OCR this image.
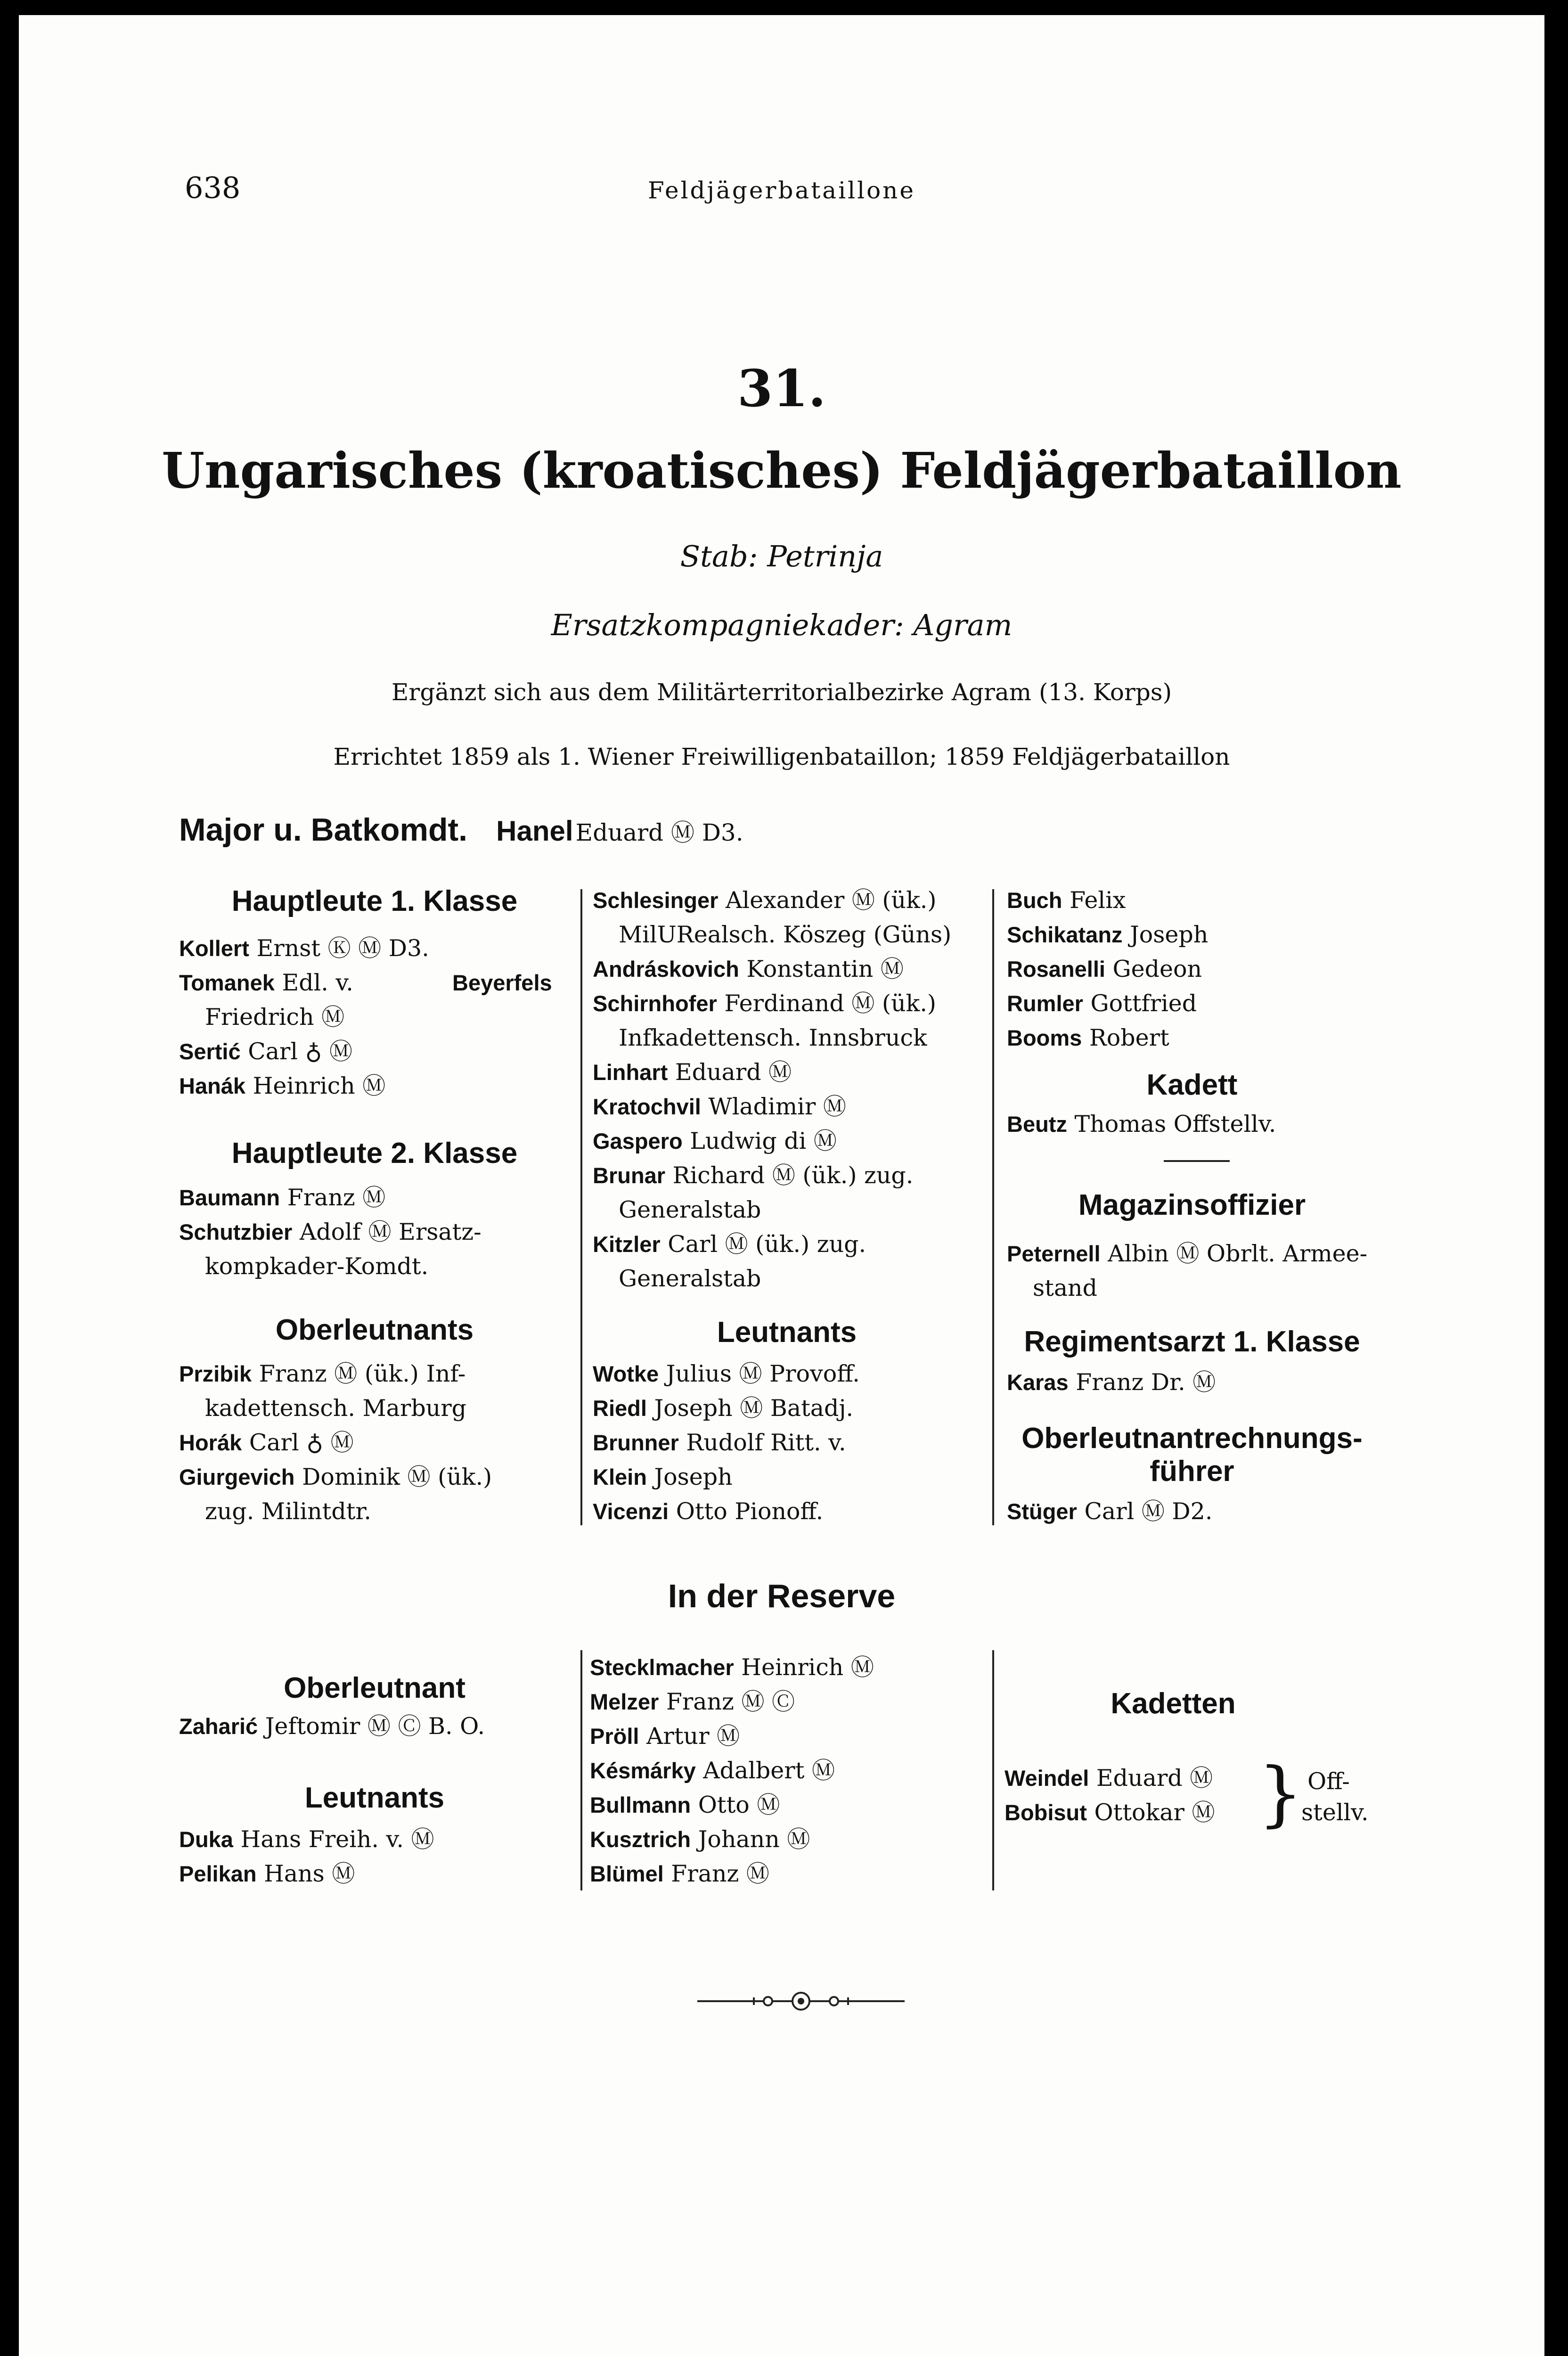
638	Feldjägerbataillone
31.
Ungarisches (kroatisches) Feldjägerbataillon
Stab: Petrinja
Ersatzkompagniekader: Agram
Ergänzt sich aus dem Militärterritorialbezirke Agram (13. Korps)
Errichtet 1859 als 1. Wiener Freiwilligenbataillon; 1859 Feldjägerbataillon
Major u. Batkomdt. Hanel Eduard Ⓜ D3.
Hauptleute 1. Klasse
Kollert Ernst Ⓚ Ⓜ D3.
Tomanek Edl. v.	Beyerfels
Friedrich Ⓜ
Sertić Carl ♁ Ⓜ
Hanák Heinrich Ⓜ
Hauptleute 2. Klasse
Baumann Franz Ⓜ
Schutzbier Adolf Ⓜ Ersatz-
kompkader-Komdt.
Oberleutnants
Przibik Franz Ⓜ (ük.) Inf-
kadettensch. Marburg
Horák Carl ♁ Ⓜ
Giurgevich Dominik Ⓜ (ük.)
zug. Milintdtr.
Schlesinger Alexander Ⓜ (ük.)
MilURealsch. Köszeg (Güns)
Andráskovich Konstantin Ⓜ
Schirnhofer Ferdinand Ⓜ (ük.)
Infkadettensch. Innsbruck
Linhart Eduard Ⓜ
Kratochvil Wladimir Ⓜ
Gaspero Ludwig di Ⓜ
Brunar Richard Ⓜ (ük.) zug.
Generalstab
Kitzler Carl Ⓜ (ük.) zug.
Generalstab
Leutnants
Wotke Julius Ⓜ Provoff.
Riedl Joseph Ⓜ Batadj.
Brunner Rudolf Ritt. v.
Klein Joseph
Vicenzi Otto Pionoff.
Buch Felix
Schikatanz Joseph
Rosanelli Gedeon
Rumler Gottfried
Booms Robert
Kadett
Beutz Thomas Offstellv.
Magazinsoffizier
Peternell Albin Ⓜ Obrlt. Armee-
stand
Regimentsarzt 1. Klasse
Karas Franz Dr. Ⓜ
Oberleutnantrechnungs-
führer
Stüger Carl Ⓜ D2.
In der Reserve
Oberleutnant
Zaharić Jeftomir Ⓜ Ⓒ B. O.
Leutnants
Duka Hans Freih. v. Ⓜ
Pelikan Hans Ⓜ
Stecklmacher Heinrich Ⓜ
Melzer Franz Ⓜ Ⓒ
Pröll Artur Ⓜ
Késmárky Adalbert Ⓜ
Bullmann Otto Ⓜ
Kusztrich Johann Ⓜ
Blümel Franz Ⓜ
Kadetten
Weindel Eduard Ⓜ
Bobisut Ottokar Ⓜ } Off-
stellv.
